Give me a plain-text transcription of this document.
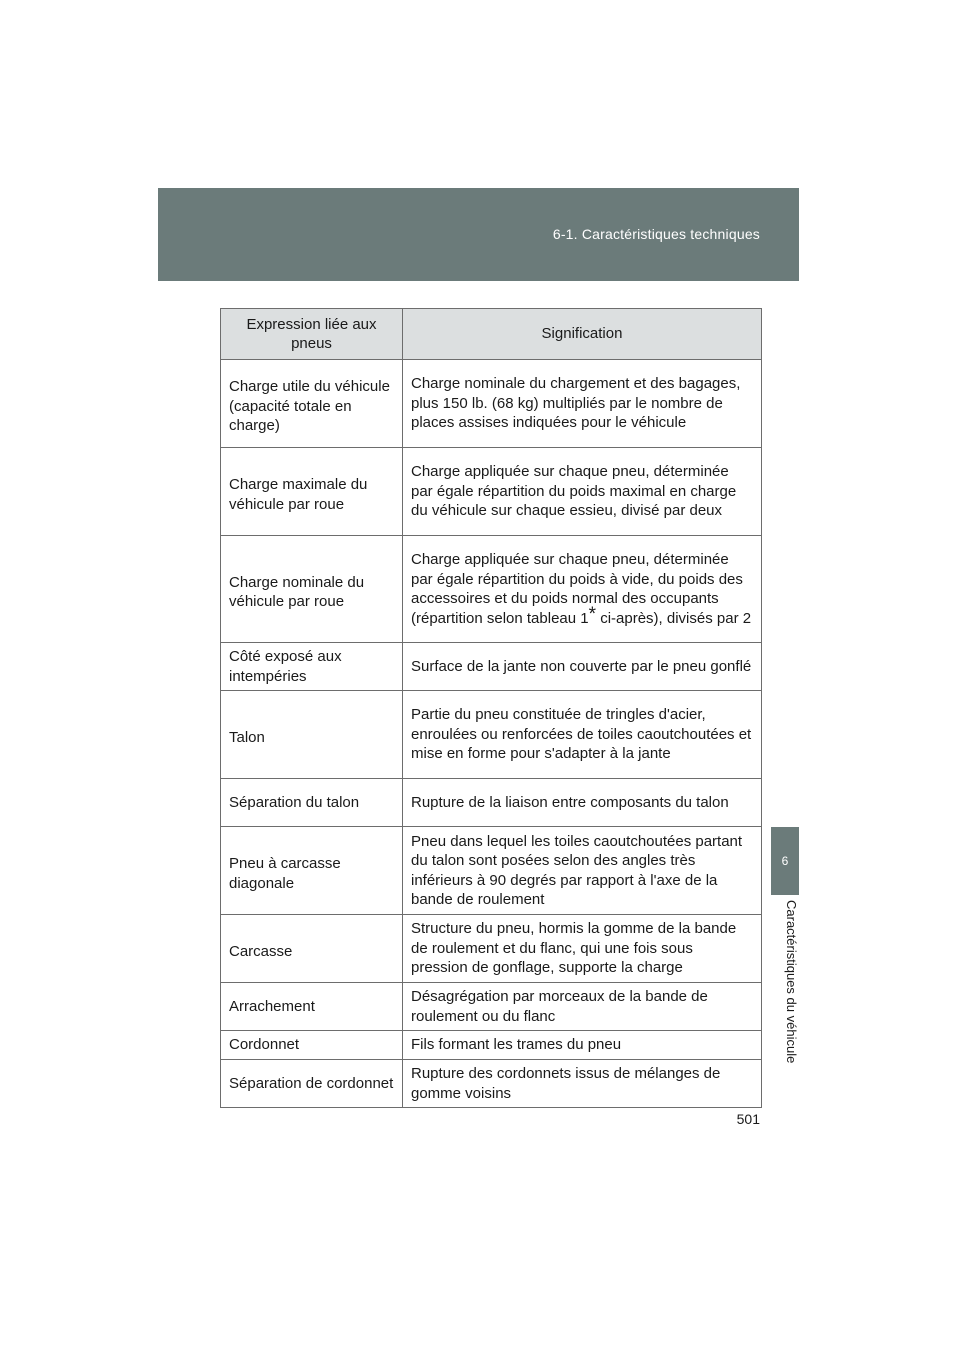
6-1. Caractéristiques techniques
6
Caractéristiques du véhicule
Expression liée aux pneus	Signification
Charge utile du véhicule (capacité totale en charge)	Charge nominale du chargement et des bagages, plus 150 lb. (68 kg) multipliés par le nombre de places assises indiquées pour le véhicule
Charge maximale du véhicule par roue	Charge appliquée sur chaque pneu, déterminée par égale répartition du poids maximal en charge du véhicule sur chaque essieu, divisé par deux
Charge nominale du véhicule par roue	Charge appliquée sur chaque pneu, déterminée par égale répartition du poids à vide, du poids des accessoires et du poids normal des occupants (répartition selon tableau 1* ci-après), divisés par 2
Côté exposé aux intempéries	Surface de la jante non couverte par le pneu gonflé
Talon	Partie du pneu constituée de tringles d'acier, enroulées ou renforcées de toiles caoutchoutées et mise en forme pour s'adapter à la jante
Séparation du talon	Rupture de la liaison entre composants du talon
Pneu à carcasse diagonale	Pneu dans lequel les toiles caoutchoutées partant du talon sont posées selon des angles très inférieurs à 90 degrés par rapport à l'axe de la bande de roulement
Carcasse	Structure du pneu, hormis la gomme de la bande de roulement et du flanc, qui une fois sous pression de gonflage, supporte la charge
Arrachement	Désagrégation par morceaux de la bande de roulement ou du flanc
Cordonnet	Fils formant les trames du pneu
Séparation de cordonnet	Rupture des cordonnets issus de mélanges de gomme voisins
501
